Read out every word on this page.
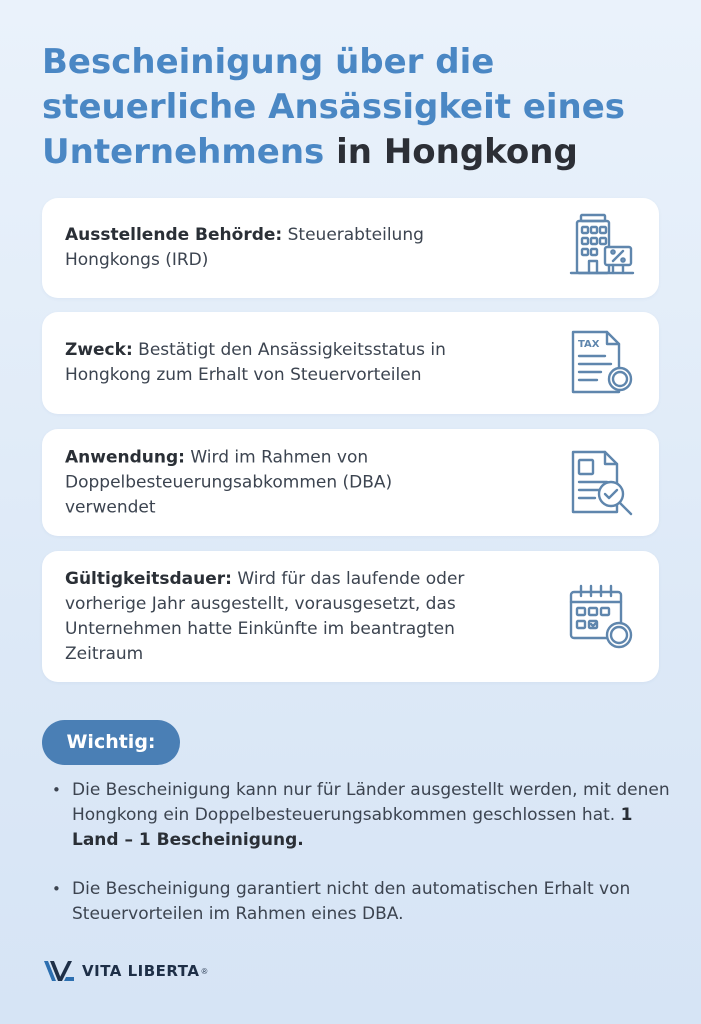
Bescheinigung über die
steuerliche Ansässigkeit eines
Unternehmens in Hongkong
Ausstellende Behörde: Steuerabteilung Hongkongs (IRD)
Zweck: Bestätigt den Ansässigkeitsstatus in Hongkong zum Erhalt von Steuervorteilen
TAX
Anwendung: Wird im Rahmen von Doppelbesteuerungsabkommen (DBA) verwendet
Gültigkeitsdauer: Wird für das laufende oder vorherige Jahr ausgestellt, vorausgesetzt, das Unternehmen hatte Einkünfte im beantragten Zeitraum
Wichtig:
• Die Bescheinigung kann nur für Länder ausgestellt werden, mit denen Hongkong ein Doppelbesteuerungsabkommen geschlossen hat. 1 Land – 1 Bescheinigung.
• Die Bescheinigung garantiert nicht den automatischen Erhalt von Steuervorteilen im Rahmen eines DBA.
VITA LIBERTA ®
